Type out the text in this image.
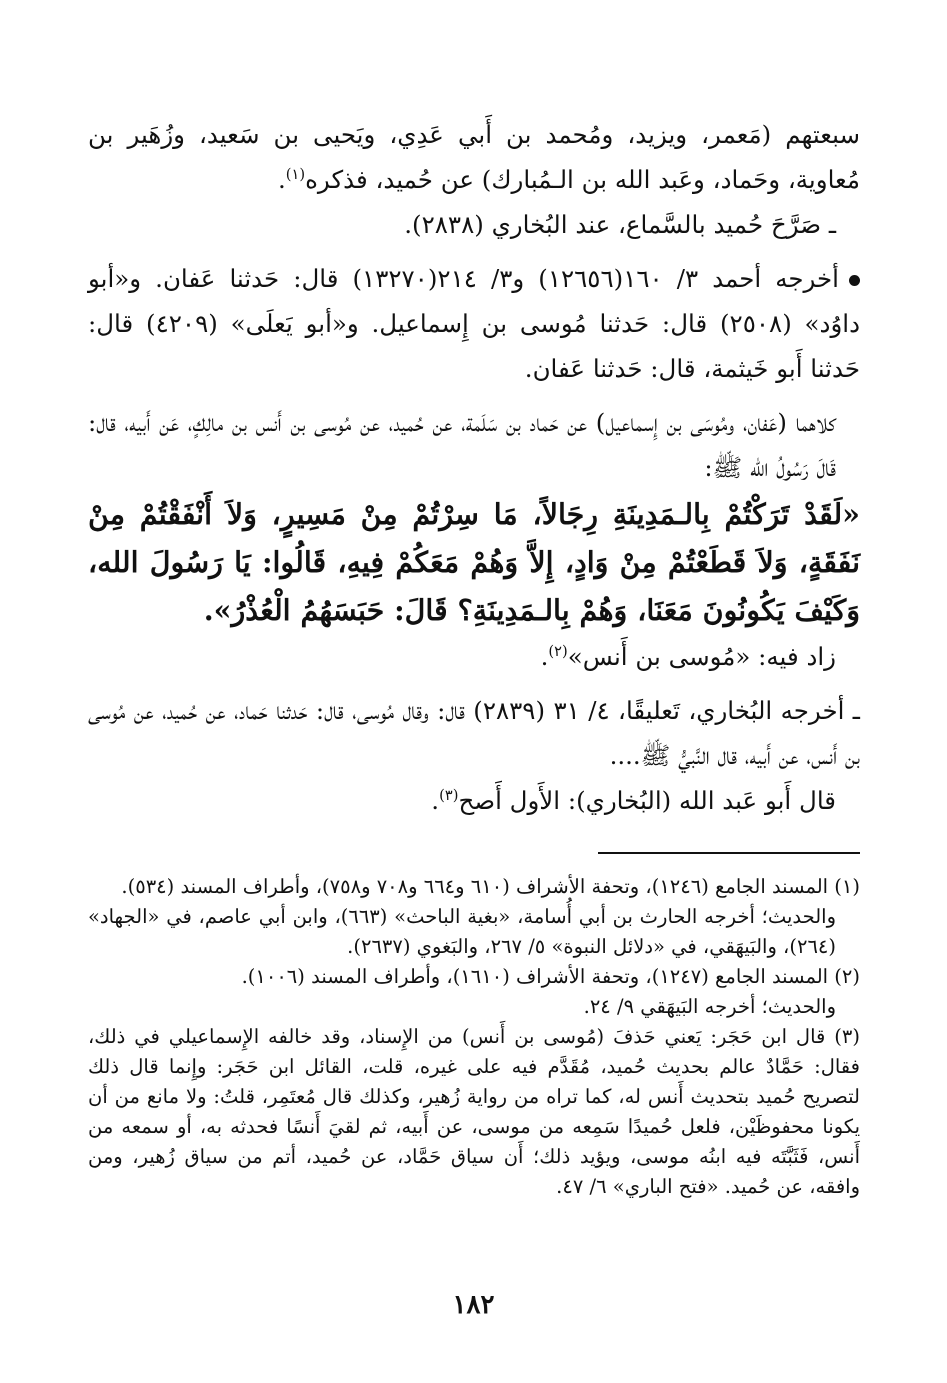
سبعتهم (مَعمر، ويزيد، ومُحمد بن أَبي عَدِي، ويَحيى بن سَعيد، وزُهَير بن مُعاوية، وحَماد، وعَبد الله بن الـمُبارك) عن حُميد، فذكره$^{(١)}$.

ـ صَرَّحَ حُميد بالسَّماع، عند البُخاري (٢٨٣٨).

أخرجه أحمد ٣/ ١٦٠(١٢٦٥٦) و٣/ ٢١٤(١٣٢٧٠) قال: حَدثنا عَفان. و«أبو داوُد» (٢٥٠٨) قال: حَدثنا مُوسى بن إِسماعيل. و«أبو يَعلَى» (٤٢٠٩) قال: حَدثنا أَبو خَيثمة، قال: حَدثنا عَفان.

كلاهما (عَفان، ومُوسَى بن إِسماعيل) عن حَماد بن سَلَمة، عن حُميد، عن مُوسى بن أَنس بن مالِكٍ، عَن أَبيه، قال: قَالَ رَسُولُ الله ﷺ:

«لَقَدْ تَرَكْتُمْ بِالـمَدِينَةِ رِجَالاً، مَا سِرْتُمْ مِنْ مَسِيرٍ، وَلاَ أَنْفَقْتُمْ مِنْ نَفَقَةٍ، وَلاَ قَطَعْتُمْ مِنْ وَادٍ، إِلاَّ وَهُمْ مَعَكُمْ فِيهِ، قَالُوا: يَا رَسُولَ الله، وَكَيْفَ يَكُونُونَ مَعَنَا، وَهُمْ بِالـمَدِينَةِ؟ قَالَ: حَبَسَهُمُ الْعُذْرُ».

زاد فيه: «مُوسى بن أَنس»$^{(٢)}$.

ـ أخرجه البُخاري، تَعليقًا، ٤/ ٣١ (٢٨٣٩) قال: وقال مُوسى، قال: حَدثنا حَماد، عن حُميد، عن مُوسى بن أَنس، عن أَبيه، قال النَّبيُّ ﷺ....

قال أَبو عَبد الله (البُخاري): الأَول أَصح$^{(٣)}$.

(١) المسند الجامع (١٢٤٦)، وتحفة الأشراف (٦١٠ و٦٦٤ و٧٠٨ و٧٥٨)، وأطراف المسند (٥٣٤).

والحديث؛ أخرجه الحارث بن أبي أُسامة، «بغية الباحث» (٦٦٣)، وابن أبي عاصم، في «الجهاد» (٢٦٤)، والبَيهَقي، في «دلائل النبوة» ٥/ ٢٦٧، والبَغوي (٢٦٣٧).

(٢) المسند الجامع (١٢٤٧)، وتحفة الأشراف (١٦١٠)، وأطراف المسند (١٠٠٦).

والحديث؛ أخرجه البَيهَقي ٩/ ٢٤.

(٣) قال ابن حَجَر: يَعني حَذفَ (مُوسى بن أَنس) من الإِسناد، وقد خالفه الإِسماعيلي في ذلك، فقال: حَمَّادٌ عالم بحديث حُميد، مُقَدَّم فيه على غيره، قلت، القائل ابن حَجَر: وإِنما قال ذلك لتصريح حُميد بتحديث أَنس له، كما تراه من رواية زُهير، وكذلك قال مُعتَمِر، قلتُ: ولا مانع من أن يكونا محفوظَيْن، فلعل حُميدًا سَمِعه من موسى، عن أَبيه، ثم لقيَ أَنسًا فحدثه به، أو سمعه من أَنس، فَثَبَّتَه فيه ابنُه موسى، ويؤيد ذلك؛ أَن سياق حَمَّاد، عن حُميد، أتم من سياق زُهير، ومن وافقه، عن حُميد. «فتح الباري» ٦/ ٤٧.

١٨٢
